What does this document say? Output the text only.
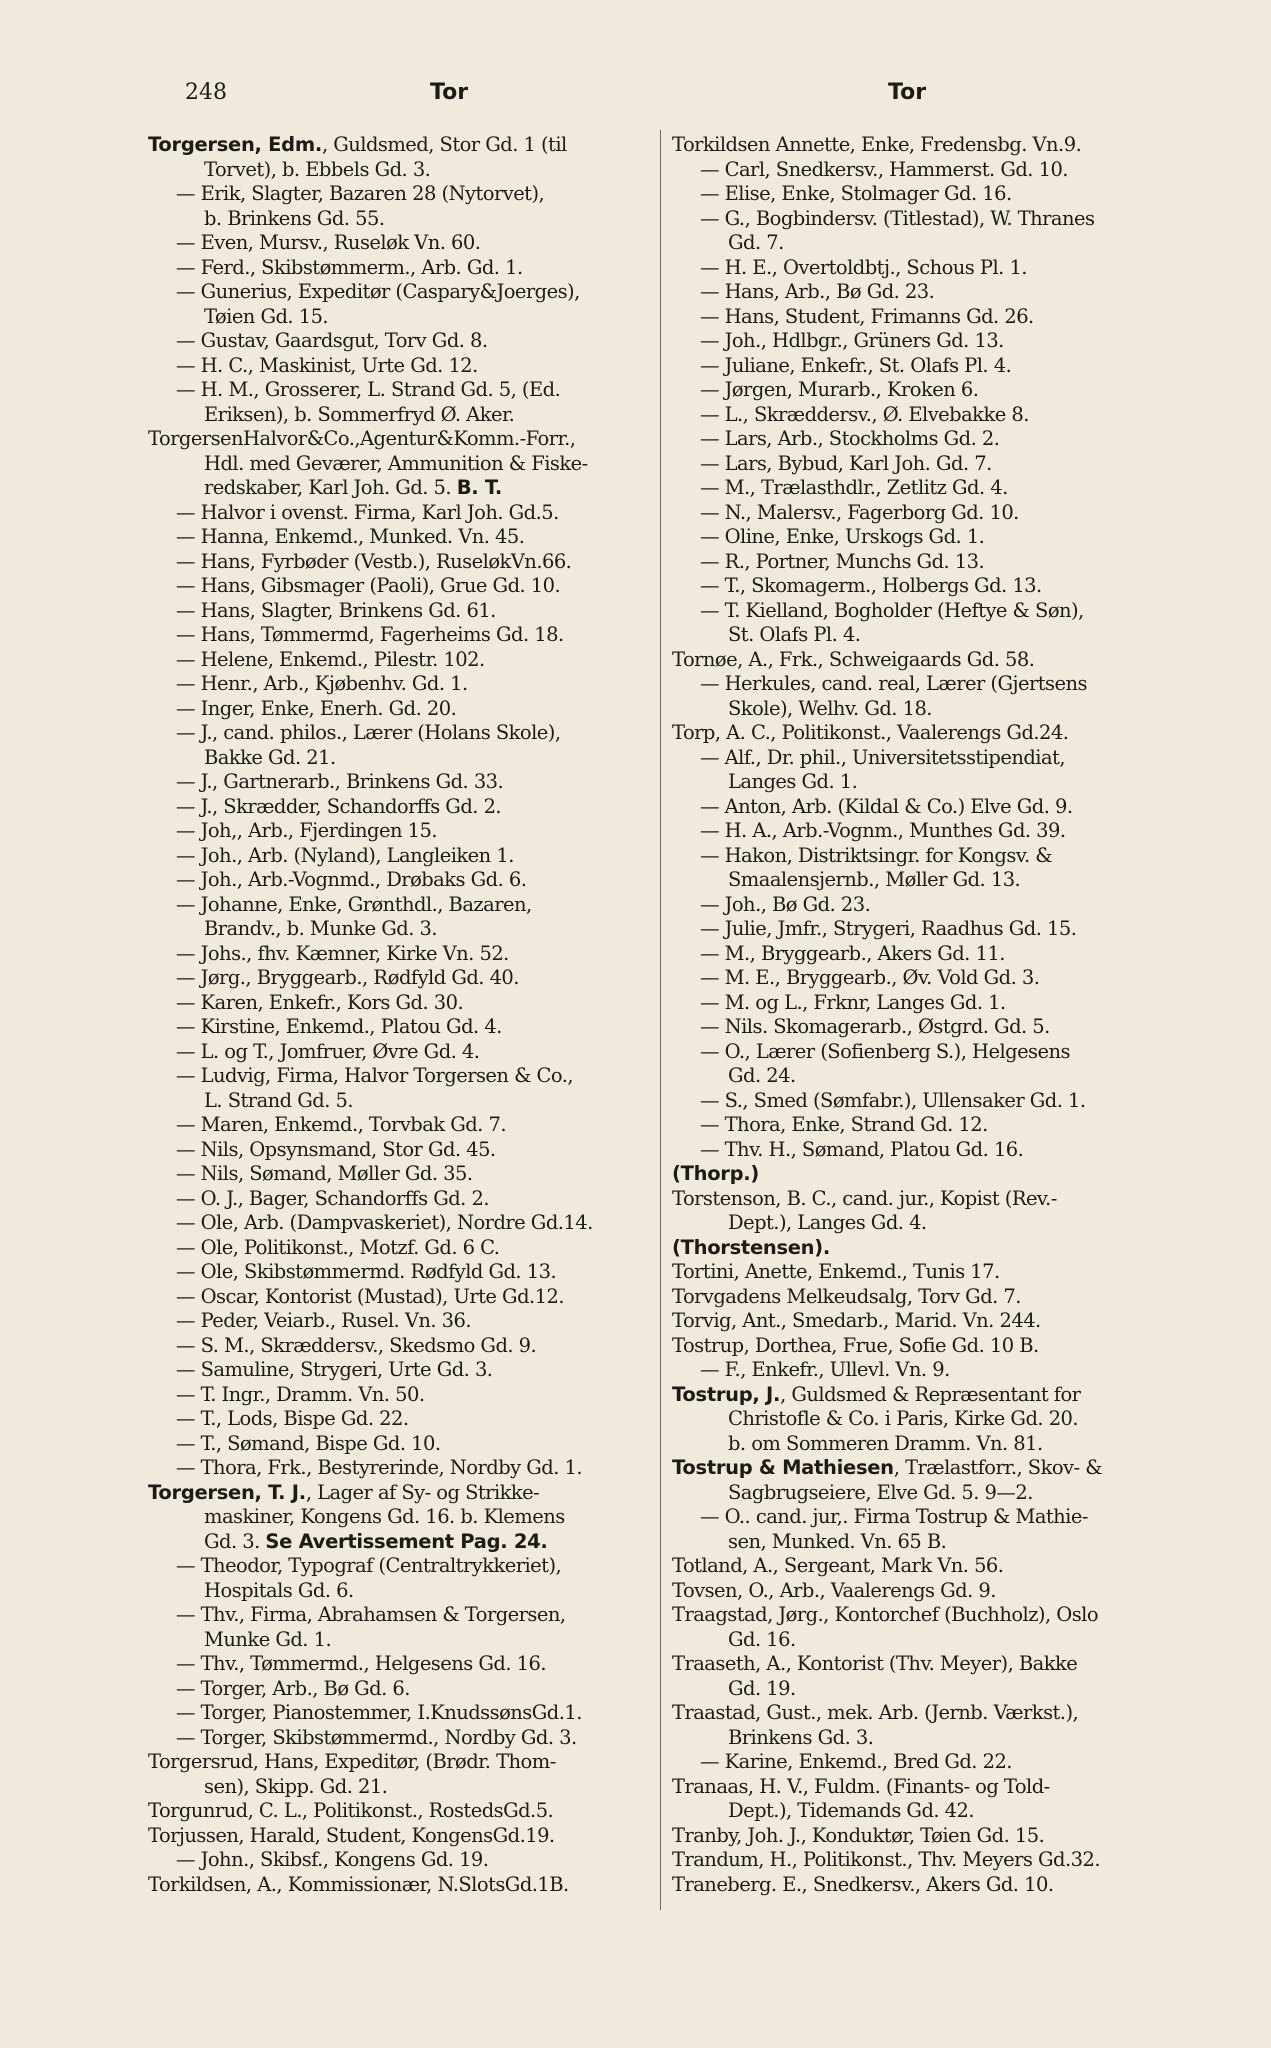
248	Tor	Tor
Torgersen, Edm., Guldsmed, Stor Gd. 1 (til
Torvet), b. Ebbels Gd. 3.
— Erik, Slagter, Bazaren 28 (Nytorvet),
b. Brinkens Gd. 55.
— Even, Mursv., Ruseløk Vn. 60.
— Ferd., Skibstømmerm., Arb. Gd. 1.
— Gunerius, Expeditør (Caspary&Joerges),
Tøien Gd. 15.
— Gustav, Gaardsgut, Torv Gd. 8.
— H. C., Maskinist, Urte Gd. 12.
— H. M., Grosserer, L. Strand Gd. 5, (Ed.
Eriksen), b. Sommerfryd Ø. Aker.
TorgersenHalvor&Co.,Agentur&Komm.-Forr.,
Hdl. med Geværer, Ammunition & Fiske-
redskaber, Karl Joh. Gd. 5. B. T.
— Halvor i ovenst. Firma, Karl Joh. Gd.5.
— Hanna, Enkemd., Munked. Vn. 45.
— Hans, Fyrbøder (Vestb.), RuseløkVn.66.
— Hans, Gibsmager (Paoli), Grue Gd. 10.
— Hans, Slagter, Brinkens Gd. 61.
— Hans, Tømmermd, Fagerheims Gd. 18.
— Helene, Enkemd., Pilestr. 102.
— Henr., Arb., Kjøbenhv. Gd. 1.
— Inger, Enke, Enerh. Gd. 20.
— J., cand. philos., Lærer (Holans Skole),
Bakke Gd. 21.
— J., Gartnerarb., Brinkens Gd. 33.
— J., Skrædder, Schandorffs Gd. 2.
— Joh,, Arb., Fjerdingen 15.
— Joh., Arb. (Nyland), Langleiken 1.
— Joh., Arb.-Vognmd., Drøbaks Gd. 6.
— Johanne, Enke, Grønthdl., Bazaren,
Brandv., b. Munke Gd. 3.
— Johs., fhv. Kæmner, Kirke Vn. 52.
— Jørg., Bryggearb., Rødfyld Gd. 40.
— Karen, Enkefr., Kors Gd. 30.
— Kirstine, Enkemd., Platou Gd. 4.
— L. og T., Jomfruer, Øvre Gd. 4.
— Ludvig, Firma, Halvor Torgersen & Co.,
L. Strand Gd. 5.
— Maren, Enkemd., Torvbak Gd. 7.
— Nils, Opsynsmand, Stor Gd. 45.
— Nils, Sømand, Møller Gd. 35.
— O. J., Bager, Schandorffs Gd. 2.
— Ole, Arb. (Dampvaskeriet), Nordre Gd.14.
— Ole, Politikonst., Motzf. Gd. 6 C.
— Ole, Skibstømmermd. Rødfyld Gd. 13.
— Oscar, Kontorist (Mustad), Urte Gd.12.
— Peder, Veiarb., Rusel. Vn. 36.
— S. M., Skræddersv., Skedsmo Gd. 9.
— Samuline, Strygeri, Urte Gd. 3.
— T. Ingr., Dramm. Vn. 50.
— T., Lods, Bispe Gd. 22.
— T., Sømand, Bispe Gd. 10.
— Thora, Frk., Bestyrerinde, Nordby Gd. 1.
Torgersen, T. J., Lager af Sy- og Strikke-
maskiner, Kongens Gd. 16. b. Klemens
Gd. 3. Se Avertissement Pag. 24.
— Theodor, Typograf (Centraltrykkeriet),
Hospitals Gd. 6.
— Thv., Firma, Abrahamsen & Torgersen,
Munke Gd. 1.
— Thv., Tømmermd., Helgesens Gd. 16.
— Torger, Arb., Bø Gd. 6.
— Torger, Pianostemmer, I.KnudssønsGd.1.
— Torger, Skibstømmermd., Nordby Gd. 3.
Torgersrud, Hans, Expeditør, (Brødr. Thom-
sen), Skipp. Gd. 21.
Torgunrud, C. L., Politikonst., RostedsGd.5.
Torjussen, Harald, Student, KongensGd.19.
— John., Skibsf., Kongens Gd. 19.
Torkildsen, A., Kommissionær, N.SlotsGd.1B.
Torkildsen Annette, Enke, Fredensbg. Vn.9.
— Carl, Snedkersv., Hammerst. Gd. 10.
— Elise, Enke, Stolmager Gd. 16.
— G., Bogbindersv. (Titlestad), W. Thranes
Gd. 7.
— H. E., Overtoldbtj., Schous Pl. 1.
— Hans, Arb., Bø Gd. 23.
— Hans, Student, Frimanns Gd. 26.
— Joh., Hdlbgr., Grüners Gd. 13.
— Juliane, Enkefr., St. Olafs Pl. 4.
— Jørgen, Murarb., Kroken 6.
— L., Skræddersv., Ø. Elvebakke 8.
— Lars, Arb., Stockholms Gd. 2.
— Lars, Bybud, Karl Joh. Gd. 7.
— M., Trælasthdlr., Zetlitz Gd. 4.
— N., Malersv., Fagerborg Gd. 10.
— Oline, Enke, Urskogs Gd. 1.
— R., Portner, Munchs Gd. 13.
— T., Skomagerm., Holbergs Gd. 13.
— T. Kielland, Bogholder (Heftye & Søn),
St. Olafs Pl. 4.
Tornøe, A., Frk., Schweigaards Gd. 58.
— Herkules, cand. real, Lærer (Gjertsens
Skole), Welhv. Gd. 18.
Torp, A. C., Politikonst., Vaalerengs Gd.24.
— Alf., Dr. phil., Universitetsstipendiat,
Langes Gd. 1.
— Anton, Arb. (Kildal & Co.) Elve Gd. 9.
— H. A., Arb.-Vognm., Munthes Gd. 39.
— Hakon, Distriktsingr. for Kongsv. &
Smaalensjernb., Møller Gd. 13.
— Joh., Bø Gd. 23.
— Julie, Jmfr., Strygeri, Raadhus Gd. 15.
— M., Bryggearb., Akers Gd. 11.
— M. E., Bryggearb., Øv. Vold Gd. 3.
— M. og L., Frknr, Langes Gd. 1.
— Nils. Skomagerarb., Østgrd. Gd. 5.
— O., Lærer (Sofienberg S.), Helgesens
Gd. 24.
— S., Smed (Sømfabr.), Ullensaker Gd. 1.
— Thora, Enke, Strand Gd. 12.
— Thv. H., Sømand, Platou Gd. 16.
(Thorp.)
Torstenson, B. C., cand. jur., Kopist (Rev.-
Dept.), Langes Gd. 4.
(Thorstensen).
Tortini, Anette, Enkemd., Tunis 17.
Torvgadens Melkeudsalg, Torv Gd. 7.
Torvig, Ant., Smedarb., Marid. Vn. 244.
Tostrup, Dorthea, Frue, Sofie Gd. 10 B.
— F., Enkefr., Ullevl. Vn. 9.
Tostrup, J., Guldsmed & Repræsentant for
Christofle & Co. i Paris, Kirke Gd. 20.
b. om Sommeren Dramm. Vn. 81.
Tostrup & Mathiesen, Trælastforr., Skov- &
Sagbrugseiere, Elve Gd. 5. 9—2.
— O.. cand. jur,. Firma Tostrup & Mathie-
sen, Munked. Vn. 65 B.
Totland, A., Sergeant, Mark Vn. 56.
Tovsen, O., Arb., Vaalerengs Gd. 9.
Traagstad, Jørg., Kontorchef (Buchholz), Oslo
Gd. 16.
Traaseth, A., Kontorist (Thv. Meyer), Bakke
Gd. 19.
Traastad, Gust., mek. Arb. (Jernb. Værkst.),
Brinkens Gd. 3.
— Karine, Enkemd., Bred Gd. 22.
Tranaas, H. V., Fuldm. (Finants- og Told-
Dept.), Tidemands Gd. 42.
Tranby, Joh. J., Konduktør, Tøien Gd. 15.
Trandum, H., Politikonst., Thv. Meyers Gd.32.
Traneberg. E., Snedkersv., Akers Gd. 10.
